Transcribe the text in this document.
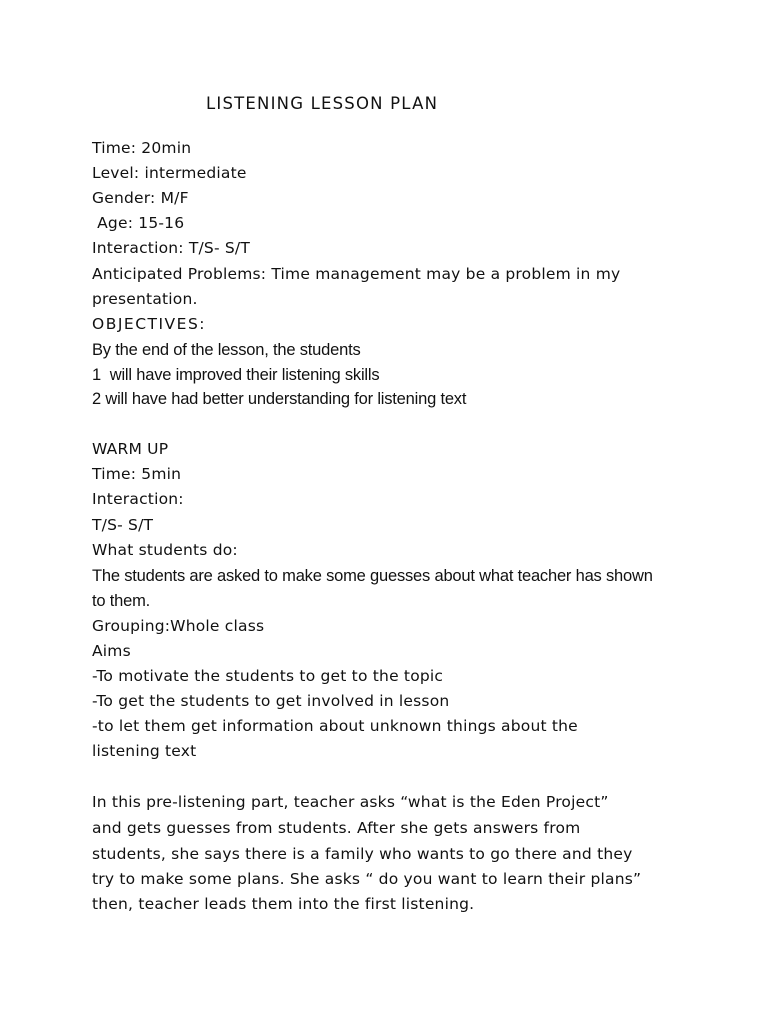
LISTENING LESSON PLAN
Time: 20min
Level: intermediate
Gender: M/F
Age: 15-16
Interaction: T/S- S/T
Anticipated Problems: Time management may be a problem in my
presentation.
OBJECTIVES:
By the end of the lesson, the students
1  will have improved their listening skills
2 will have had better understanding for listening text
WARM UP
Time: 5min
Interaction:
T/S- S/T
What students do:
The students are asked to make some guesses about what teacher has shown
to them.
Grouping:Whole class
Aims
-To motivate the students to get to the topic
-To get the students to get involved in lesson
-to let them get information about unknown things about the
listening text
In this pre-listening part, teacher asks “what is the Eden Project”
and gets guesses from students. After she gets answers from
students, she says there is a family who wants to go there and they
try to make some plans. She asks “ do you want to learn their plans”
then, teacher leads them into the first listening.
